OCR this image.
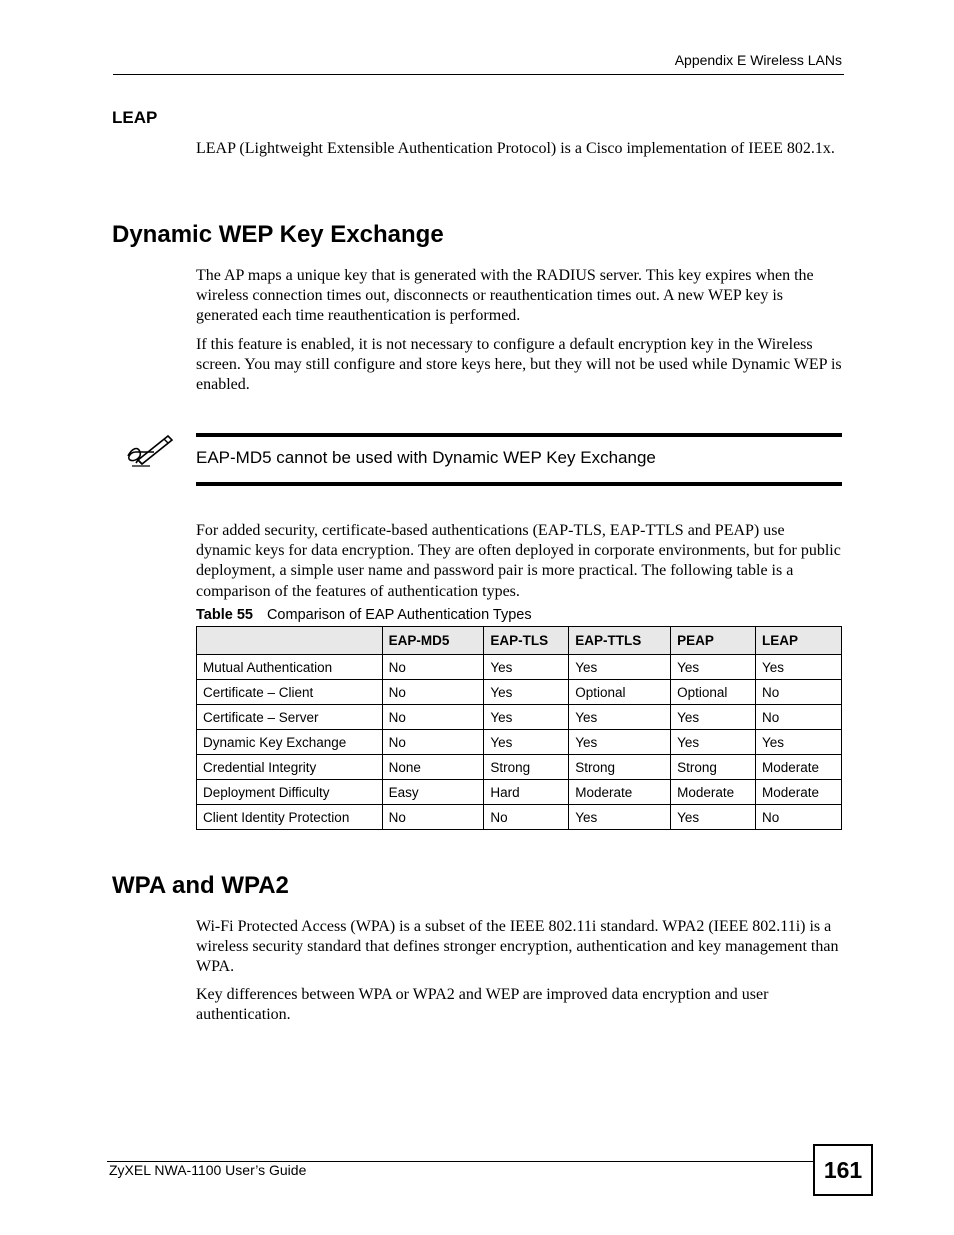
Appendix E Wireless LANs
LEAP
LEAP (Lightweight Extensible Authentication Protocol) is a Cisco implementation of IEEE 802.1x.
Dynamic WEP Key Exchange
The AP maps a unique key that is generated with the RADIUS server. This key expires when the wireless connection times out, disconnects or reauthentication times out. A new WEP key is generated each time reauthentication is performed.
If this feature is enabled, it is not necessary to configure a default encryption key in the Wireless screen. You may still configure and store keys here, but they will not be used while Dynamic WEP is enabled.
EAP-MD5 cannot be used with Dynamic WEP Key Exchange
For added security, certificate-based authentications (EAP-TLS, EAP-TTLS and PEAP) use dynamic keys for data encryption. They are often deployed in corporate environments, but for public deployment, a simple user name and password pair is more practical. The following table is a comparison of the features of authentication types.
Table 55 Comparison of EAP Authentication Types
	EAP-MD5	EAP-TLS	EAP-TTLS	PEAP	LEAP
Mutual Authentication	No	Yes	Yes	Yes	Yes
Certificate – Client	No	Yes	Optional	Optional	No
Certificate – Server	No	Yes	Yes	Yes	No
Dynamic Key Exchange	No	Yes	Yes	Yes	Yes
Credential Integrity	None	Strong	Strong	Strong	Moderate
Deployment Difficulty	Easy	Hard	Moderate	Moderate	Moderate
Client Identity Protection	No	No	Yes	Yes	No
WPA and WPA2
Wi-Fi Protected Access (WPA) is a subset of the IEEE 802.11i standard. WPA2 (IEEE 802.11i) is a wireless security standard that defines stronger encryption, authentication and key management than WPA.
Key differences between WPA or WPA2 and WEP are improved data encryption and user authentication.
ZyXEL NWA-1100 User’s Guide	161
